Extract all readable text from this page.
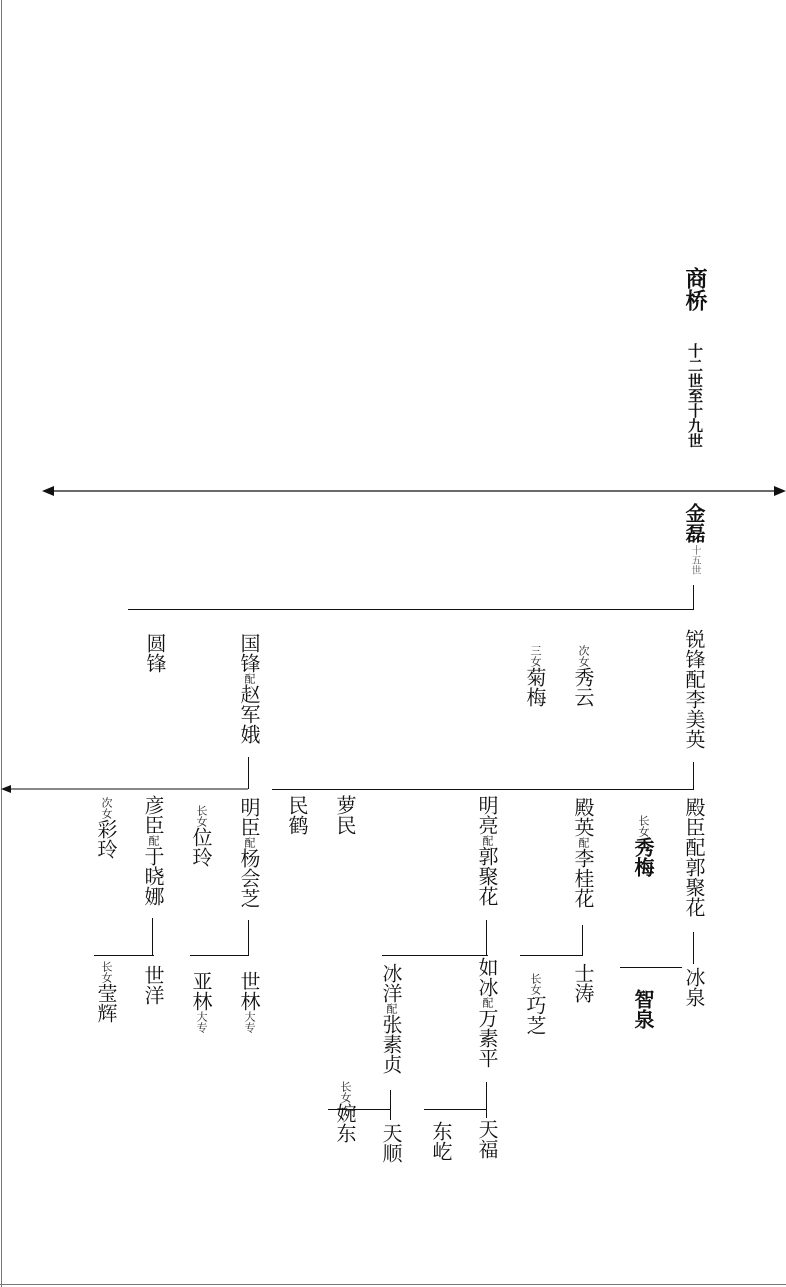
商桥
十二世至十九世
金磊
十五世
锐锋配李美英
圆锋	国锋配赵军娥
三女菊梅
次女秀云
殿臣配郭聚花
长女秀梅
殿英配李桂花
明亮配郭聚花
萝民
民鹤
明臣配杨会芝
长女位玲
彦臣配于晓娜
次女彩玲
冰泉
智泉
士涛
长女巧芝
如冰配万素平
冰洋配张素贞
世林大专
亚林大专
世洋
长女莹辉
天福
东屹
天顺
长女婉东
